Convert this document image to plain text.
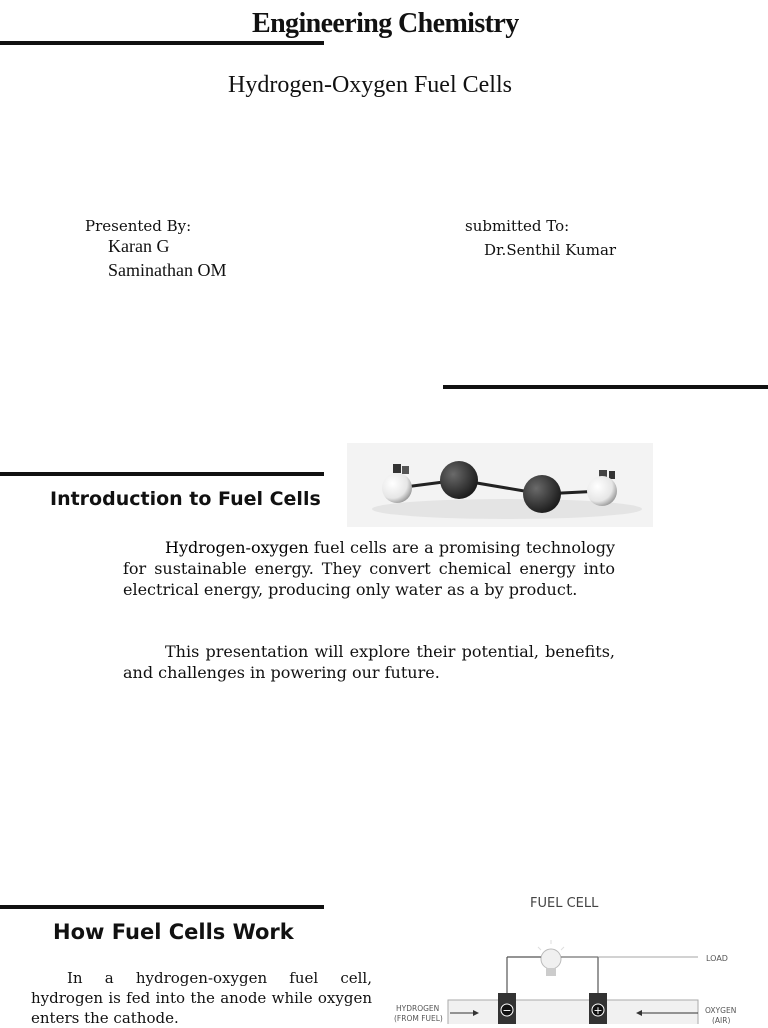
Engineering Chemistry
Hydrogen-Oxygen Fuel Cells
Presented By:
Karan G
Saminathan OM
submitted To:
Dr.Senthil Kumar
Introduction to Fuel Cells
Hydrogen-oxygen fuel cells are a promising technology for sustainable energy. They convert chemical energy into electrical energy, producing only water as a by product.
This presentation will explore their potential, benefits, and challenges in powering our future.
How Fuel Cells Work
In a hydrogen-oxygen fuel cell, hydrogen is fed into the anode while oxygen enters the cathode.
FUEL CELL
LOAD
−	+
HYDROGEN
(FROM FUEL)
OXYGEN
(AIR)
